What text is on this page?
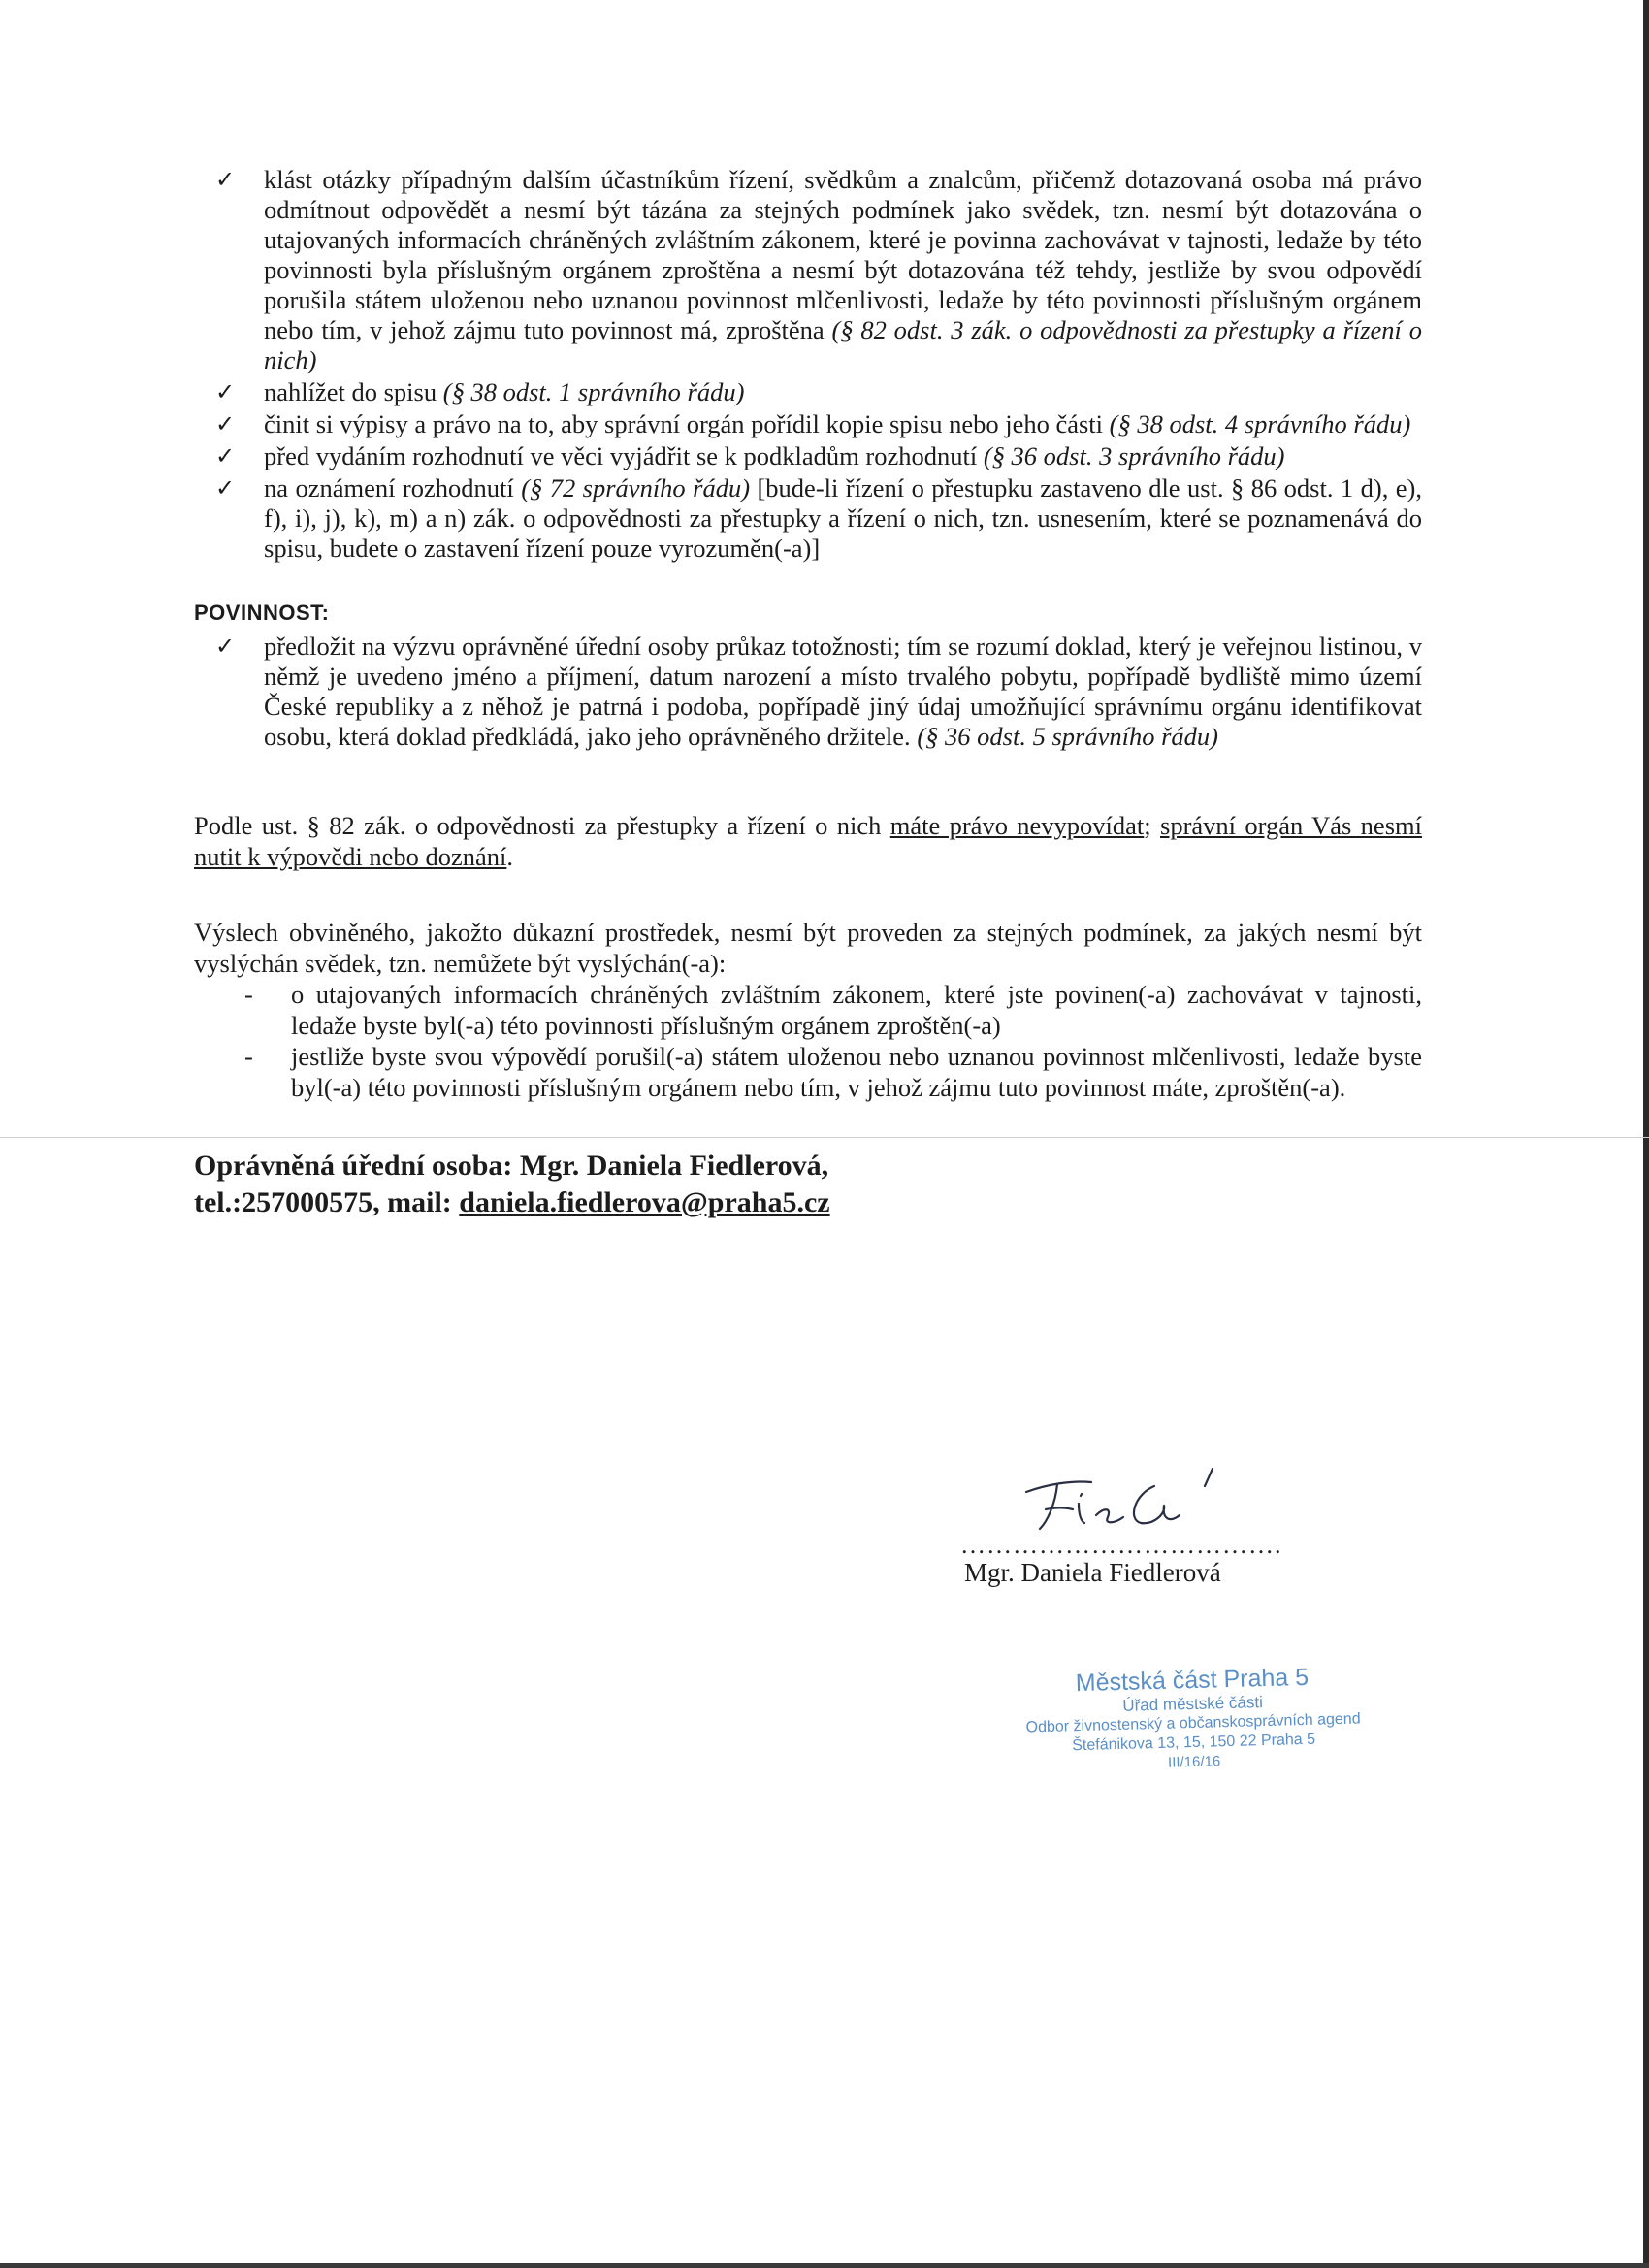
✓ klást otázky případným dalším účastníkům řízení, svědkům a znalcům, přičemž dotazovaná osoba má právo odmítnout odpovědět a nesmí být tázána za stejných podmínek jako svědek, tzn. nesmí být dotazována o utajovaných informacích chráněných zvláštním zákonem, které je povinna zachovávat v tajnosti, ledaže by této povinnosti byla příslušným orgánem zproštěna a nesmí být dotazována též tehdy, jestliže by svou odpovědí porušila státem uloženou nebo uznanou povinnost mlčenlivosti, ledaže by této povinnosti příslušným orgánem nebo tím, v jehož zájmu tuto povinnost má, zproštěna (§ 82 odst. 3 zák. o odpovědnosti za přestupky a řízení o nich)
✓ nahlížet do spisu (§ 38 odst. 1 správního řádu)
✓ činit si výpisy a právo na to, aby správní orgán pořídil kopie spisu nebo jeho části (§ 38 odst. 4 správního řádu)
✓ před vydáním rozhodnutí ve věci vyjádřit se k podkladům rozhodnutí (§ 36 odst. 3 správního řádu)
✓ na oznámení rozhodnutí (§ 72 správního řádu) [bude-li řízení o přestupku zastaveno dle ust. § 86 odst. 1 d), e), f), i), j), k), m) a n) zák. o odpovědnosti za přestupky a řízení o nich, tzn. usnesením, které se poznamenává do spisu, budete o zastavení řízení pouze vyrozuměn(-a)]
POVINNOST:
✓ předložit na výzvu oprávněné úřední osoby průkaz totožnosti; tím se rozumí doklad, který je veřejnou listinou, v němž je uvedeno jméno a příjmení, datum narození a místo trvalého pobytu, popřípadě bydliště mimo území České republiky a z něhož je patrná i podoba, popřípadě jiný údaj umožňující správnímu orgánu identifikovat osobu, která doklad předkládá, jako jeho oprávněného držitele. (§ 36 odst. 5 správního řádu)

Podle ust. § 82 zák. o odpovědnosti za přestupky a řízení o nich máte právo nevypovídat; správní orgán Vás nesmí nutit k výpovědi nebo doznání.

Výslech obviněného, jakožto důkazní prostředek, nesmí být proveden za stejných podmínek, za jakých nesmí být vyslýchán svědek, tzn. nemůžete být vyslýchán(-a):

- o utajovaných informacích chráněných zvláštním zákonem, které jste povinen(-a) zachovávat v tajnosti, ledaže byste byl(-a) této povinnosti příslušným orgánem zproštěn(-a)
- jestliže byste svou výpovědí porušil(-a) státem uloženou nebo uznanou povinnost mlčenlivosti, ledaže byste byl(-a) této povinnosti příslušným orgánem nebo tím, v jehož zájmu tuto povinnost máte, zproštěn(-a).
Oprávněná úřední osoba: Mgr. Daniela Fiedlerová,
tel.:257000575, mail: daniela.fiedlerova@praha5.cz
……………………………….
Mgr. Daniela Fiedlerová
Městská část Praha 5
Úřad městské části
Odbor živnostenský a občanskosprávních agend
Štefánikova 13, 15, 150 22 Praha 5
III/16/16
